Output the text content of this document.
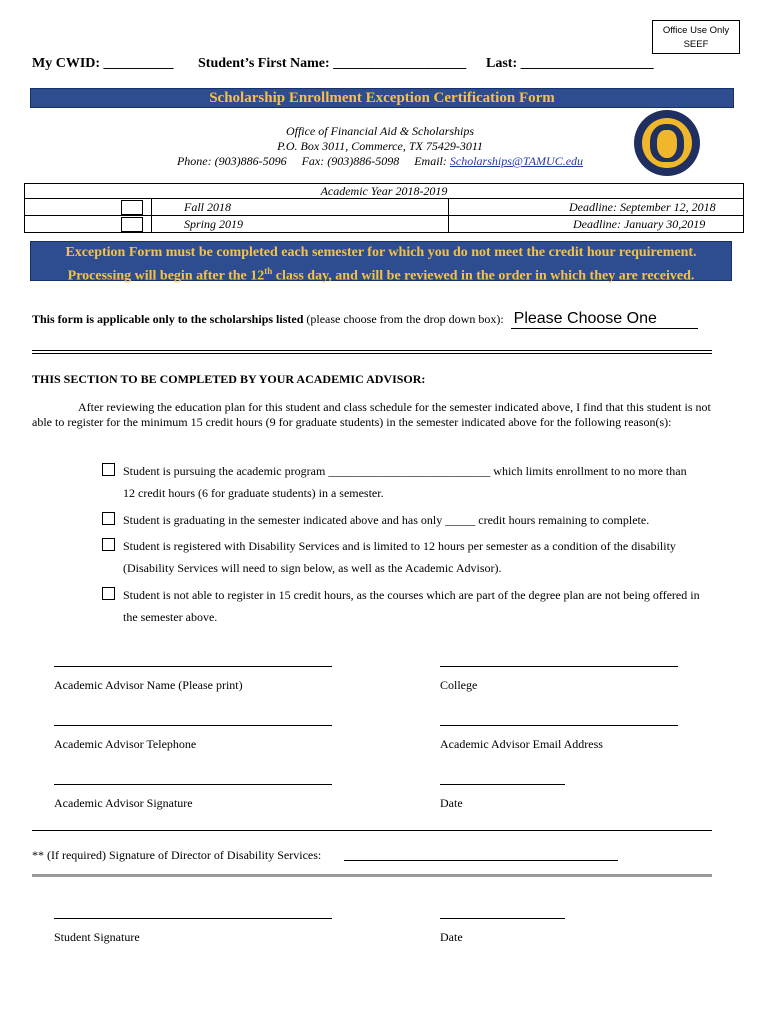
Office Use Only
SEEF
My CWID: __________ Student’s First Name: ___________________ Last: ___________________
Scholarship Enrollment Exception Certification Form
Office of Financial Aid & Scholarships
P.O. Box 3011, Commerce, TX 75429-3011
Phone: (903)886-5096 Fax: (903)886-5098 Email: Scholarships@TAMUC.edu
Academic Year 2018-2019			
		Fall 2018	Deadline: September 12, 2018
		Spring 2019	Deadline: January 30,2019
Exception Form must be completed each semester for which you do not meet the credit hour requirement.
Processing will begin after the 12th class day, and will be reviewed in the order in which they are received.
This form is applicable only to the scholarships listed (please choose from the drop down box): Please Choose One
THIS SECTION TO BE COMPLETED BY YOUR ACADEMIC ADVISOR:
After reviewing the education plan for this student and class schedule for the semester indicated above, I find that this student is not able to register for the minimum 15 credit hours (9 for graduate students) in the semester indicated above for the following reason(s):
Student is pursuing the academic program ___________________________ which limits enrollment to no more than
12 credit hours (6 for graduate students) in a semester.
Student is graduating in the semester indicated above and has only _____ credit hours remaining to complete.
Student is registered with Disability Services and is limited to 12 hours per semester as a condition of the disability
(Disability Services will need to sign below, as well as the Academic Advisor).
Student is not able to register in 15 credit hours, as the courses which are part of the degree plan are not being offered in
the semester above.
Academic Advisor Name (Please print)	College
Academic Advisor Telephone	Academic Advisor Email Address
Academic Advisor Signature	Date
** (If required) Signature of Director of Disability Services:
Student Signature	Date
